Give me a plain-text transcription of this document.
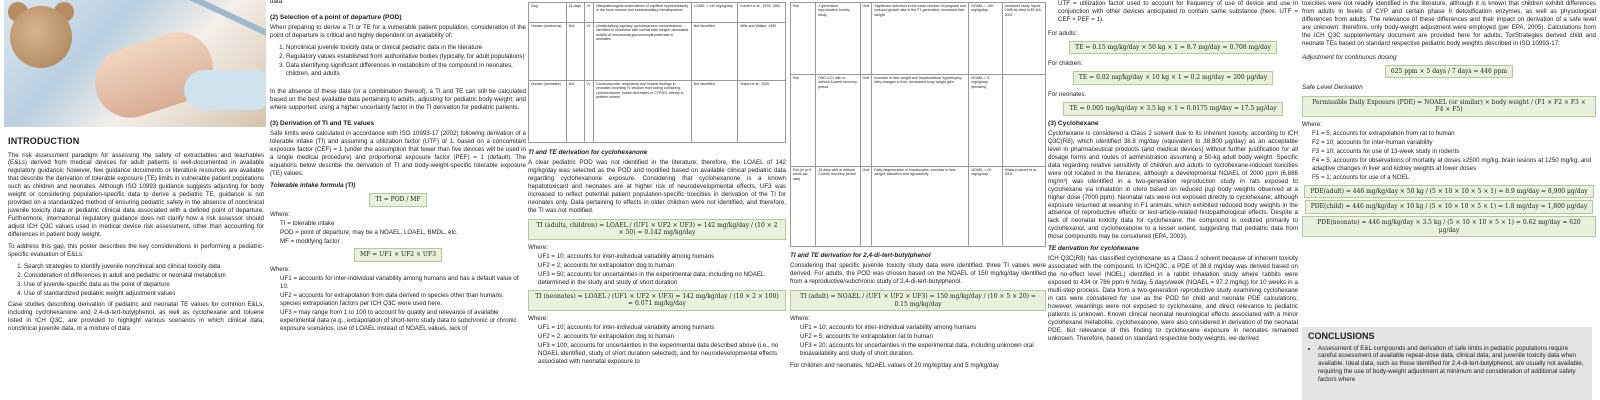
INTRODUCTION

The risk assessment paradigm for assessing the safety of extractables and leachables (E&Ls) derived from medical devices for adult patients is well-documented in available regulatory guidance; however, few guidance documents or literature resources are available that describe the derivation of tolerable exposure (TE) limits in vulnerable patient populations such as children and neonates. Although ISO 10993 guidance suggests adjusting for body weight or considering population-specific data to derive a pediatric TE, guidance is not provided on a standardized method of ensuring pediatric safety in the absence of nonclinical juvenile toxicity data or pediatric clinical data associated with a defined point of departure. Furthermore, international regulatory guidance does not clarify how a risk assessor should adjust ICH Q3C values used in medical device risk assessment, other than accounting for differences in patient body weight.

To address this gap, this poster describes the key considerations in performing a pediatric-specific evaluation of E&Ls:

1. Search strategies to identify juvenile nonclinical and clinical toxicity data
2. Consideration of differences in adult and pediatric or neonatal metabolism
3. Use of juvenile-specific data as the point of departure
4. Use of standardized pediatric weight adjustment values

Case studies describing derivation of pediatric and neonatal TE values for common E&Ls, including cyclohexanone and 2,4-di-tert-butylphenol, as well as cyclohexane and toluene listed in ICH Q3C, are provided to highlight various scenarios in which clinical data, nonclinical juvenile data, or a mixture of data

data.

(2) Selection of a point of departure (POD)

When preparing to derive a TI or TE for a vulnerable patient population, consideration of the point of departure is critical and highly dependent on availability of:

1. Nonclinical juvenile toxicity data or clinical pediatric data in the literature
2. Regulatory values established from authoritative bodies (typically, for adult populations)
3. Data identifying significant differences in metabolism of the compound in neonates, children, and adults

In the absence of these data (or a combination thereof), a TI and TE can still be calculated based on the best available data pertaining to adults, adjusting for pediatric body weight; and where supported, using a higher uncertainty factor in the TI derivation for pediatric patients.

(3) Derivation of TI and TE values

Safe limits were calculated in accordance with ISO 10993-17 (2002) following derivation of a tolerable intake (TI) and assuming a utilization factor (UTF) of 1, based on a concomitant exposure factor (CEF) = 1 (under the assumption that fewer than five devices will be used in a single medical procedure) and proportional exposure factor (PEF) = 1 (default). The equations below describe the derivation of TI and body-weight-specific tolerable exposure (TE) values:

Tolerable intake formula (TI)
TI = POD / MF
Where:
TI = tolerable intake
POD = point of departure; may be a NOAEL, LOAEL, BMDL, etc.
MF = modifying factor
MF = UF1 × UF2 × UF3
Where:
UF1 = accounts for inter-individual variability among humans and has a default value of 10.
UF2 = accounts for extrapolation from data derived in species other than humans; species extrapolation factors per ICH Q3C were used here.
UF3 = may range from 1 to 100 to account for quality and relevance of available experimental data (e.g., extrapolation of short-term study data to subchronic or chronic exposure scenarios, use of LOAEL instead of NOAEL values, lack of
Dog	21 days	IV	Histopathological observations of myofibril hypercellularity in the bone marrow and extramedullary hematopoiesis	LOAEL = 142 mg/kg/day	Koeferl et al., 1976; 1981
Human (newborns)	N/A	IV	Umbilical/lung capillary cyclohexanone concentrations identified in newborns with normal birth weight; decreased activity of microsomal glucuronosyltransferase in neonates	Not identified	Mills and Walker, 1990
Human (neonates)	N/A	IV	Cardiovascular, respiratory and hepatic findings in neonates receiving IV infusion from tubing containing cyclohexanone; subtle decreases in CYP2E1 activity in preterm infants	Not identified	Snyed et al., 2000
TI and TE derivation for cyclohexanone

A clear pediatric POD was not identified in the literature; therefore, the LOAEL of 142 mg/kg/day was selected as the POD and modified based on available clinical pediatric data regarding cyclohexanone exposure. Considering that cyclohexanone is a known hepatotoxicant and neonates are at higher risk of neurodevelopmental effects, UF3 was increased to reflect potential patient population-specific toxicities in derivation of the TI for neonates only. Data pertaining to effects in older children were not identified, and therefore, the TI was not modified.

TI (adults, children) = LOAEL / (UF1 × UF2 × UF3) = 142 mg/kg/day / (10 × 2 × 50) = 0.142 mg/kg/day
Where:
UF1 = 10; accounts for inter-individual variability among humans
UF2 = 2; accounts for extrapolation dog to human
UF3 = 50; accounts for uncertainties in the experimental data, including no NOAEL determined in the study and study of short duration
TI (neonates) = LOAEL / (UF1 × UF2 × UF3) = 142 mg/kg/day / (10 × 2 × 100) = 0.071 mg/kg/day
Where:
UF1 = 10; accounts for inter-individual variability among humans
UF2 = 2; accounts for extrapolation dog to human
UF3 = 100; accounts for uncertainties in the experimental data described above (i.e., no NOAEL identified, study of short duration selected), and for neurodevelopmental effects associated with neonatal exposure to
Rat	1 generation reproductive toxicity study	Oral	Significant reduction in the mean number of pregnant and reduced growth rate of the F1 generation; increased liver weight	NOAEL = 150 mg/kg/day	Unnamed study report, 1998 as cited in ECHA, 2022
Rat	PND 4-21 with or without 8-week recovery period	Oral	Increase in liver weight and hepatocellular hypertrophy; fatty changes in liver; decreased body weight gain	NOAEL = 5 mg/kg/day (females)	
Rat (in to 9-week-old rats)	28 days with or without 2-week recovery period	Oral	Fatty degeneration of hepatocytes; increase in liver weight; salivation and hypoactivity	NOAEL = 20 mg/kg/day	Hirata-Koizumi et al., 2005
TI and TE derivation for 2,4-di-tert-butylphenol

Considering that specific juvenile toxicity study data were identified, three TI values were derived. For adults, the POD was chosen based on the NOAEL of 150 mg/kg/day identified from a reproductive/subchronic study of 2,4-di-tert-butylphenol.

TI (adult) = NOAEL / (UF1 × UF2 × UF3) = 150 mg/kg/day / (10 × 5 × 20) = 0.15 mg/kg/day
Where:
UF1 = 10; accounts for inter-individual variability among humans
UF2 = 5; accounts for extrapolation rat to human
UF3 = 20; accounts for uncertainties in the experimental data, including unknown oral bioavailability and study of short duration.

For children and neonates, NOAEL values of 20 mg/kg/day and 5 mg/kg/day

UTF = utilization factor used to account for frequency of use of device and use in conjunction with other devices anticipated to contain same substance (here, UTF = CEF × PEF = 1).

For adults:
TE = 0.15 mg/kg/day × 50 kg × 1 = 8.7 mg/day = 0.708 mg/day
For children:
TE = 0.02 mg/kg/day × 10 kg × 1 = 0.2 mg/day = 200 μg/day
For neonates:
TE = 0.005 mg/kg/day × 3.5 kg × 1 = 0.0175 mg/day = 17.5 μg/day
(3) Cyclohexane

Cyclohexane is considered a Class 2 solvent due to its inherent toxicity, according to ICH Q3C(R8), which identified 38.8 mg/day (equivalent to 38,800 μg/day) as an acceptable level in pharmaceutical products (and medical devices) without further justification for all dosage forms and routes of administration assuming a 50-kg adult body weight. Specific data regarding relative sensitivity of children and adults to cyclohexane-induced toxicities were not located in the literature, although a developmental NOAEL of 2000 ppm (6,886 mg/m³) was identified in a two-generation reproduction study in rats exposed to cyclohexane via inhalation in utero based on reduced pup body weights observed at a higher dose (7000 ppm). Neonatal rats were not exposed directly to cyclohexane, although exposure resumed at weaning in F1 animals, which exhibited reduced body weights in the absence of reproductive effects or test-article-related histopathological effects. Despite a lack of neonatal toxicity data for cyclohexane, the compound is oxidized primarily to cyclohexanol, and cyclohexanone to a lesser extent, suggesting that pediatric data from those compounds may be considered (EPA, 2003).

TE derivation for cyclohexane

ICH Q3C(R8) has classified cyclohexane as a Class 2 solvent because of inherent toxicity associated with the compound. In ICHQ3C, a PDE of 38.8 mg/day was derived based on the no-effect level (NOEL) identified in a rabbit inhalation study where rabbits were exposed to 434 or 786 ppm 6 h/day, 5 days/week (NOAEL = 97.2 mg/kg) for 10 weeks in a multi-step process. Data from a two-generation reproductive study examining cyclohexane in rats were considered for use as the POD for child and neonate PDE calculations; however, weanlings were not exposed to cyclohexane, and direct relevance to pediatric patients is unknown. Known clinical neonatal neurological effects associated with a minor cyclohexane metabolite, cyclohexanone, were also considered in derivation of the neonatal PDE, but relevance of this finding to cyclohexane exposure in neonates remained unknown. Therefore, based on standard respective body weights, we derived

toxicities were not readily identified in the literature, although it is known that children exhibit differences from adults in levels of CYP and certain phase II detoxification enzymes, as well as physiological differences from adults. The relevance of these differences and their impact on derivation of a safe level are unknown; therefore, only body-weight adjustment were employed (per EPA, 2005). Calculations from the ICH Q3C supplementary document are provided here for adults; ToxStrategies derived child and neonate TEs based on standard respective pediatric body weights described in ISO 10993-17:

Adjustment for continuous dosing
625 ppm × 5 days / 7 days = 446 ppm
Safe Level Derivation
Permissible Daily Exposure (PDE) = NOAEL (or similar) × body weight / (F1 × F2 × F3 × F4 × F5)
Where:
F1 = 5; accounts for extrapolation from rat to human
F2 = 10; accounts for inter-human variability
F3 = 10; accounts for use of 13-week study in rodents
F4 = 5; accounts for observations of mortality at doses ≥2500 mg/kg, brain lesions at 1250 mg/kg, and adaptive changes in liver and kidney weights at lower doses
F5 = 1; accounts for use of a NOEL
PDE(adult) = 446 mg/kg/day × 50 kg / (5 × 10 × 10 × 5 × 1) = 8.9 mg/day = 8,900 μg/day
PDE(child) = 446 mg/kg/day × 10 kg / (5 × 10 × 10 × 5 × 1) = 1.8 mg/day = 1,800 μg/day
PDE(neonate) = 446 mg/kg/day × 3.5 kg / (5 × 10 × 10 × 5 × 1) = 0.62 mg/day = 620 μg/day
CONCLUSIONS
• Assessment of E&L compounds and derivation of safe limits in pediatric populations require careful assessment of available repeat-dose data, clinical data, and juvenile toxicity data when available. Ideal data, such as those identified for 2,4-di-tert-butylphenol, are usually not available, requiring the use of body-weight adjustment at minimum and consideration of additional safety factors where
